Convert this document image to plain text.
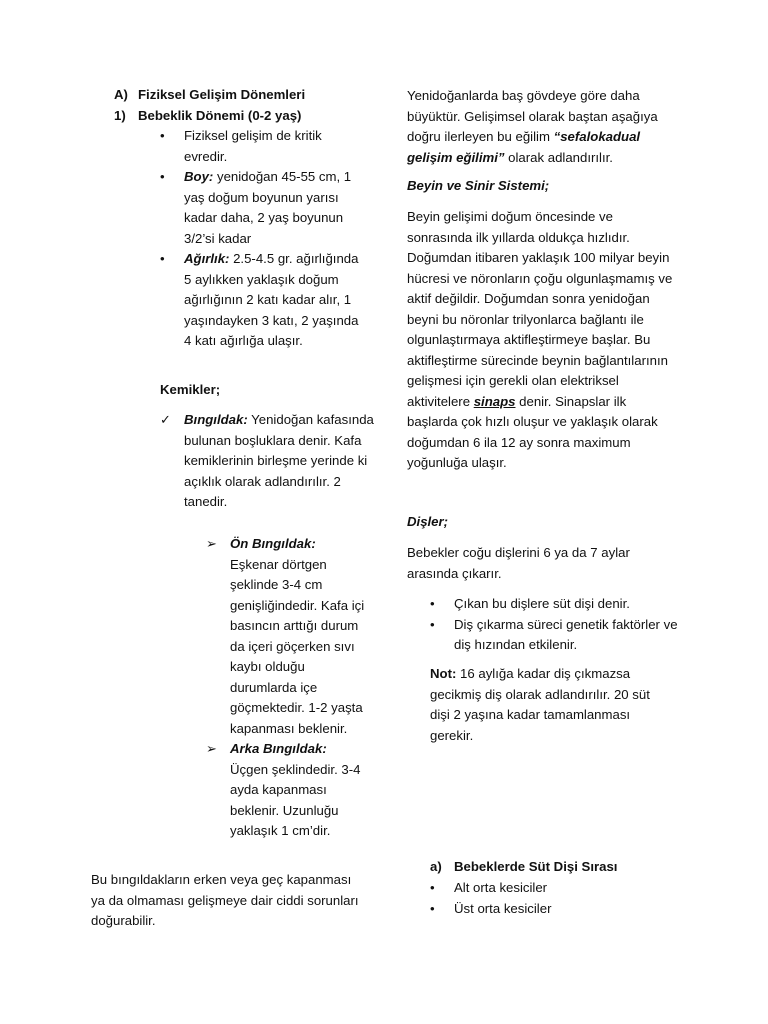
A) Fiziksel Gelişim Dönemleri
1) Bebeklik Dönemi (0-2 yaş)
• Fiziksel gelişim de kritik evredir.
• Boy: yenidoğan 45-55 cm, 1 yaş doğum boyunun yarısı kadar daha, 2 yaş boyunun 3/2’si kadar
• Ağırlık: 2.5-4.5 gr. ağırlığında 5 aylıkken yaklaşık doğum ağırlığının 2 katı kadar alır, 1 yaşındayken 3 katı, 2 yaşında 4 katı ağırlığa ulaşır.

Kemikler;

✓ Bıngıldak: Yenidoğan kafasında bulunan boşluklara denir. Kafa kemiklerinin birleşme yerinde ki açıklık olarak adlandırılır. 2 tanedir.
➢ Ön Bıngıldak:
Eşkenar dörtgen şeklinde 3-4 cm genişliğindedir. Kafa içi basıncın arttığı durum da içeri göçerken sıvı kaybı olduğu durumlarda içe göçmektedir. 1-2 yaşta kapanması beklenir.
➢ Arka Bıngıldak:
Üçgen şeklindedir. 3-4 ayda kapanması beklenir. Uzunluğu yaklaşık 1 cm’dir.

Bu bıngıldakların erken veya geç kapanması ya da olmaması gelişmeye dair ciddi sorunları doğurabilir.

Yenidoğanlarda baş gövdeye göre daha büyüktür. Gelişimsel olarak baştan aşağıya doğru ilerleyen bu eğilim “sefalokadual gelişim eğilimi” olarak adlandırılır.

Beyin ve Sinir Sistemi;

Beyin gelişimi doğum öncesinde ve sonrasında ilk yıllarda oldukça hızlıdır. Doğumdan itibaren yaklaşık 100 milyar beyin hücresi ve nöronların çoğu olgunlaşmamış ve aktif değildir. Doğumdan sonra yenidoğan beyni bu nöronlar trilyonlarca bağlantı ile olgunlaştırmaya aktifleştirmeye başlar. Bu aktifleştirme sürecinde beynin bağlantılarının gelişmesi için gerekli olan elektriksel aktivitelere sinaps denir. Sinapslar ilk başlarda çok hızlı oluşur ve yaklaşık olarak doğumdan 6 ila 12 ay sonra maximum yoğunluğa ulaşır.

Dişler;

Bebekler coğu dişlerini 6 ya da 7 aylar arasında çıkarır.

• Çıkan bu dişlere süt dişi denir.
• Diş çıkarma süreci genetik faktörler ve diş hızından etkilenir.

Not: 16 aylığa kadar diş çıkmazsa gecikmiş diş olarak adlandırılır. 20 süt dişi 2 yaşına kadar tamamlanması gerekir.

a) Bebeklerde Süt Dişi Sırası
• Alt orta kesiciler
• Üst orta kesiciler
